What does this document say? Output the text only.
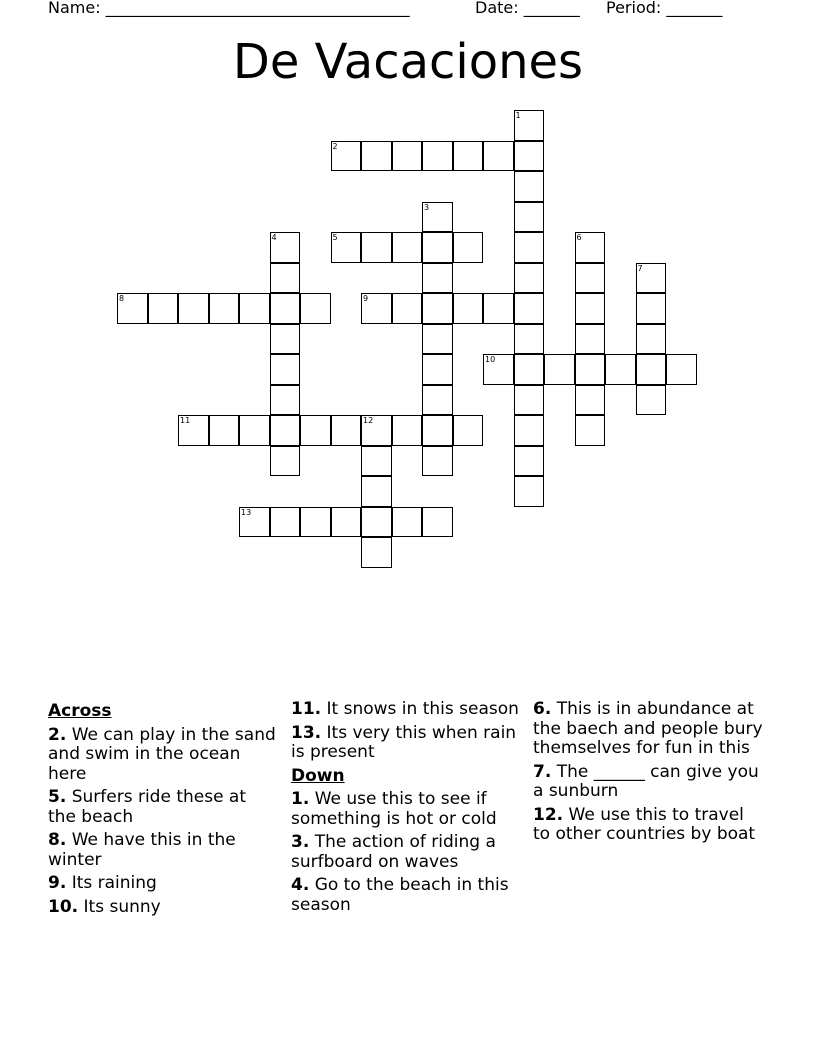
Name: ______________________________________	Date: _______ Period: _______
De Vacaciones
1
2
3
4	5	6
7
8	9
10
11	12
13
Across
2. We can play in the sand and swim in the ocean here
5. Surfers ride these at the beach
8. We have this in the winter
9. Its raining
10. Its sunny
11. It snows in this season
13. Its very this when rain is present
Down
1. We use this to see if something is hot or cold
3. The action of riding a surfboard on waves
4. Go to the beach in this season
6. This is in abundance at the baech and people bury themselves for fun in this
7. The ______ can give you a sunburn
12. We use this to travel to other countries by boat
